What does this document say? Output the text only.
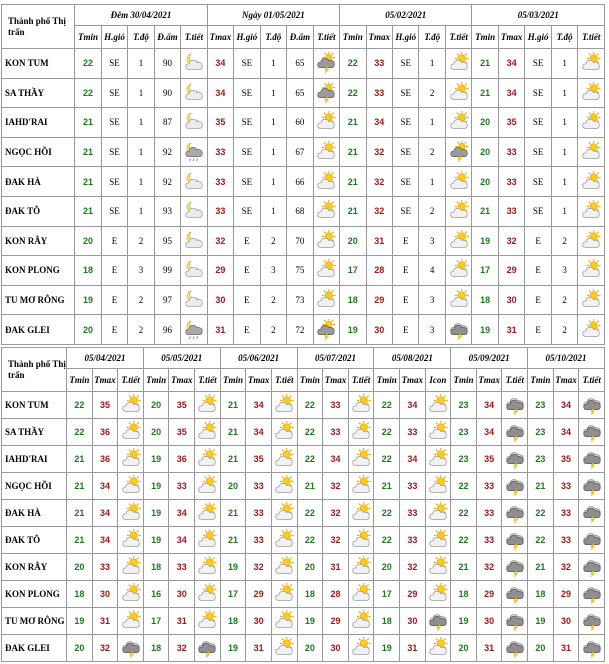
Thành phố Thị trấn	Đêm 30/04/2021					Ngày 01/05/2021					05/02/2021					05/03/2021				
	Tmin	H.gió	T.độ	Đ.ẩm	T.tiết	Tmax	H.gió	T.độ	Đ.ẩm	T.tiết	Tmin	Tmax	H.gió	T.độ	T.tiết	Tmin	Tmax	H.gió	T.độ	T.tiết
KON TUM	22	SE	1	90		34	SE	1	65		22	33	SE	1		21	34	SE	1	

SA THẦY	22	SE	1	90		34	SE	1	65		22	33	SE	2		21	34	SE	1	

IAHD'RAI	21	SE	1	87		35	SE	1	60		21	34	SE	1		20	35	SE	1	

NGỌC HỒI	21	SE	1	92		33	SE	1	67		21	32	SE	2		20	33	SE	1	

ĐAK HÀ	21	SE	1	92		33	SE	1	66		21	32	SE	1		20	33	SE	1	

ĐAK TÔ	21	SE	1	93		33	SE	1	68		21	32	SE	2		21	33	SE	1	

KON RẪY	20	E	2	95		32	E	2	70		20	31	E	3		19	32	E	2	

KON PLONG	18	E	3	99		29	E	3	75		17	28	E	4		17	29	E	3	

TU MƠ RÔNG	19	E	2	97		30	E	2	73		18	29	E	3		18	30	E	2	

ĐAK GLEI	20	E	2	96		31	E	2	72		19	30	E	3		19	31	E	2	
Thành phố Thị trấn	05/04/2021			05/05/2021			05/06/2021			05/07/2021			05/08/2021			05/09/2021			05/10/2021		
	Tmin	Tmax	T.tiết	Tmin	Tmax	T.tiết	Tmin	Tmax	T.tiết	Tmin	Tmax	T.tiết	Tmin	Tmax	Icon	Tmin	Tmax	T.tiết	Tmin	Tmax	T.tiết
KON TUM	22	35		20	35		21	34		22	33		22	34		23	34		23	34	

SA THẦY	22	36		20	35		21	34		22	33		22	33		23	34		23	34	

IAHD'RAI	21	36		19	36		21	35		22	34		22	34		23	35		23	35	

NGỌC HỒI	21	34		19	33		20	33		21	32		21	33		22	33		21	33	

ĐAK HÀ	21	34		19	34		21	33		22	32		22	33		22	33		22	33	

ĐAK TÔ	21	34		19	34		21	33		22	32		22	33		22	33		22	33	

KON RẪY	20	33		18	33		19	32		20	31		20	32		21	32		21	32	

KON PLONG	18	30		16	30		17	29		18	28		17	29		18	29		18	29	

TU MƠ RÔNG	19	31		17	31		18	30		19	29		18	30		19	30		19	30	

ĐAK GLEI	20	32		18	32		19	31		20	30		19	31		20	31		20	31	
